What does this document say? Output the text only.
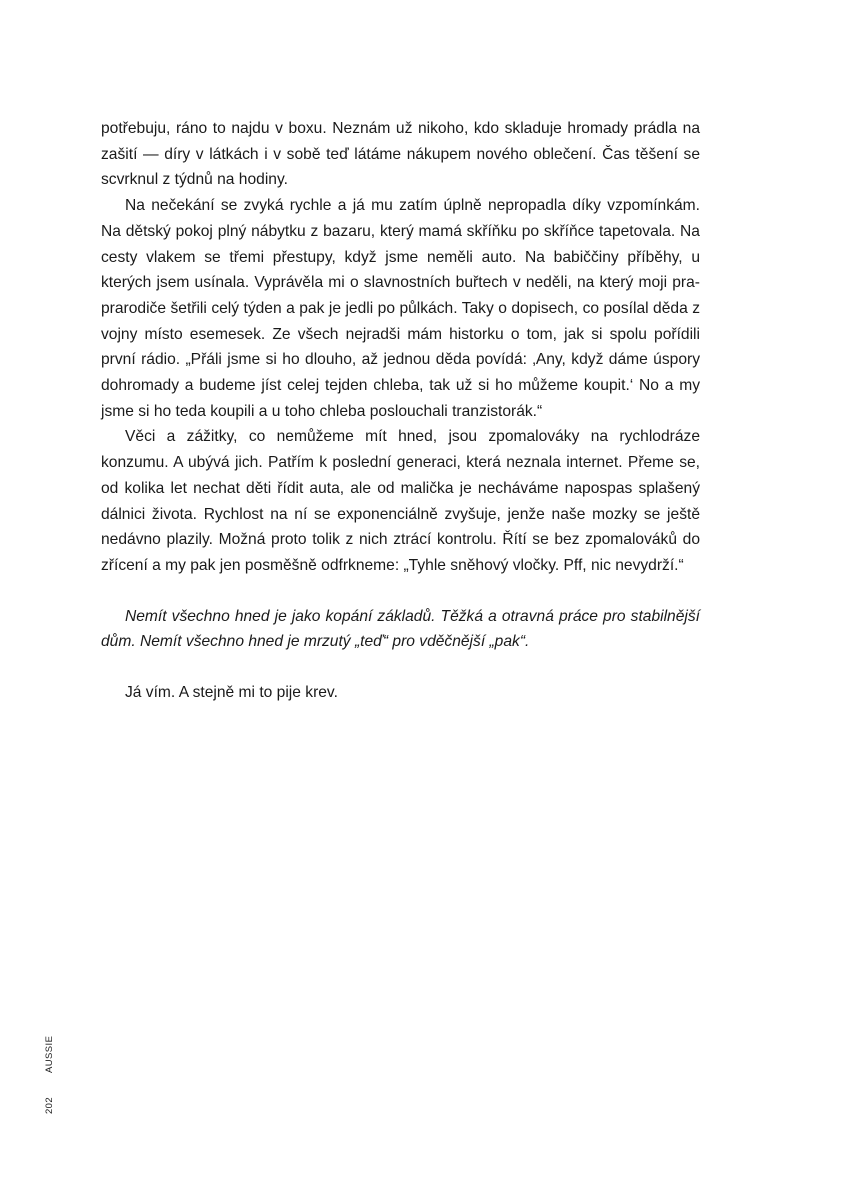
potřebuju, ráno to najdu v boxu. Neznám už nikoho, kdo skladuje hromady prádla na zašití — díry v látkách i v sobě teď látáme nákupem nového oblečení. Čas těšení se scvrknul z týdnů na hodiny.

Na nečekání se zvyká rychle a já mu zatím úplně nepropadla díky vzpomínkám. Na dětský pokoj plný nábytku z bazaru, který mamá skříňku po skříňce tapetovala. Na cesty vlakem se třemi přestupy, když jsme neměli auto. Na babiččiny příběhy, u kterých jsem usínala. Vyprávěla mi o slavnostních buřtech v neděli, na který moji pra-prarodiče šetřili celý týden a pak je jedli po půlkách. Taky o dopisech, co posílal děda z vojny místo esemesek. Ze všech nejradši mám historku o tom, jak si spolu pořídili první rádio. „Přáli jsme si ho dlouho, až jednou děda povídá: ‚Any, když dáme úspory dohromady a budeme jíst celej tejden chleba, tak už si ho můžeme koupit.‘ No a my jsme si ho teda koupili a u toho chleba poslouchali tranzistorák.“

Věci a zážitky, co nemůžeme mít hned, jsou zpomalováky na rychlodráze konzumu. A ubývá jich. Patřím k poslední generaci, která neznala internet. Přeme se, od kolika let nechat děti řídit auta, ale od malička je necháváme napospas splašený dálnici života. Rychlost na ní se exponenciálně zvyšuje, jenže naše mozky se ještě nedávno plazily. Možná proto tolik z nich ztrácí kontrolu. Řítí se bez zpomalováků do zřícení a my pak jen posměšně odfrkneme: „Tyhle sněhový vločky. Pff, nic nevydrží.“

Nemít všechno hned je jako kopání základů. Těžká a otravná práce pro stabilnější dům. Nemít všechno hned je mrzutý „teď“ pro vděčnější „pak“.

Já vím. A stejně mi to pije krev.

202AUSSIE
